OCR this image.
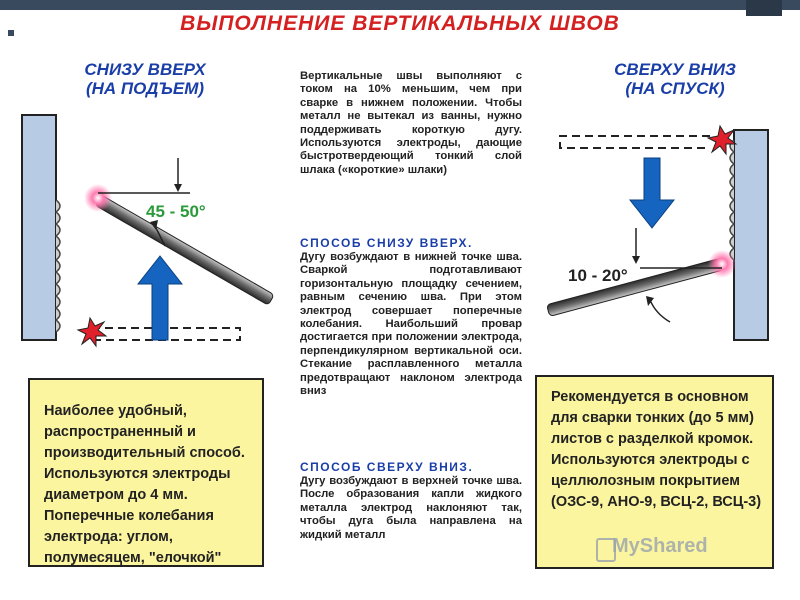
ВЫПОЛНЕНИЕ ВЕРТИКАЛЬНЫХ ШВОВ
СНИЗУ ВВЕРХ
(НА ПОДЪЕМ)
СВЕРХУ ВНИЗ
(НА СПУСК)
45 - 50°
10 - 20°
Вертикальные швы выполняют с током на 10% меньшим, чем при сварке в нижнем положении. Чтобы металл не вытекал из ванны, нужно поддерживать короткую дугу. Используются электроды, дающие быстротвердеющий тонкий слой шлака («короткие» шлаки)
СПОСОБ СНИЗУ ВВЕРХ.
Дугу возбуждают в нижней точке шва. Сваркой подготавливают горизонтальную площадку сечением, равным сечению шва. При этом электрод совершает поперечные колебания. Наибольший провар достигается при положении электрода, перпендикулярном вертикальной оси. Стекание расплавленного металла предотвращают наклоном электрода вниз
СПОСОБ СВЕРХУ ВНИЗ.
Дугу возбуждают в верхней точке шва. После образования капли жидкого металла электрод наклоняют так, чтобы дуга была направлена на жидкий металл
Наиболее удобный, распространенный и производительный способ. Используются электроды диаметром до 4 мм. Поперечные колебания электрода: углом, полумесяцем, "елочкой"
Рекомендуется в основном для сварки тонких (до 5 мм) листов с разделкой кромок. Используются электроды с целлюлозным покрытием (ОЗС-9, АНО-9, ВСЦ-2, ВСЦ-3)
MyShared
